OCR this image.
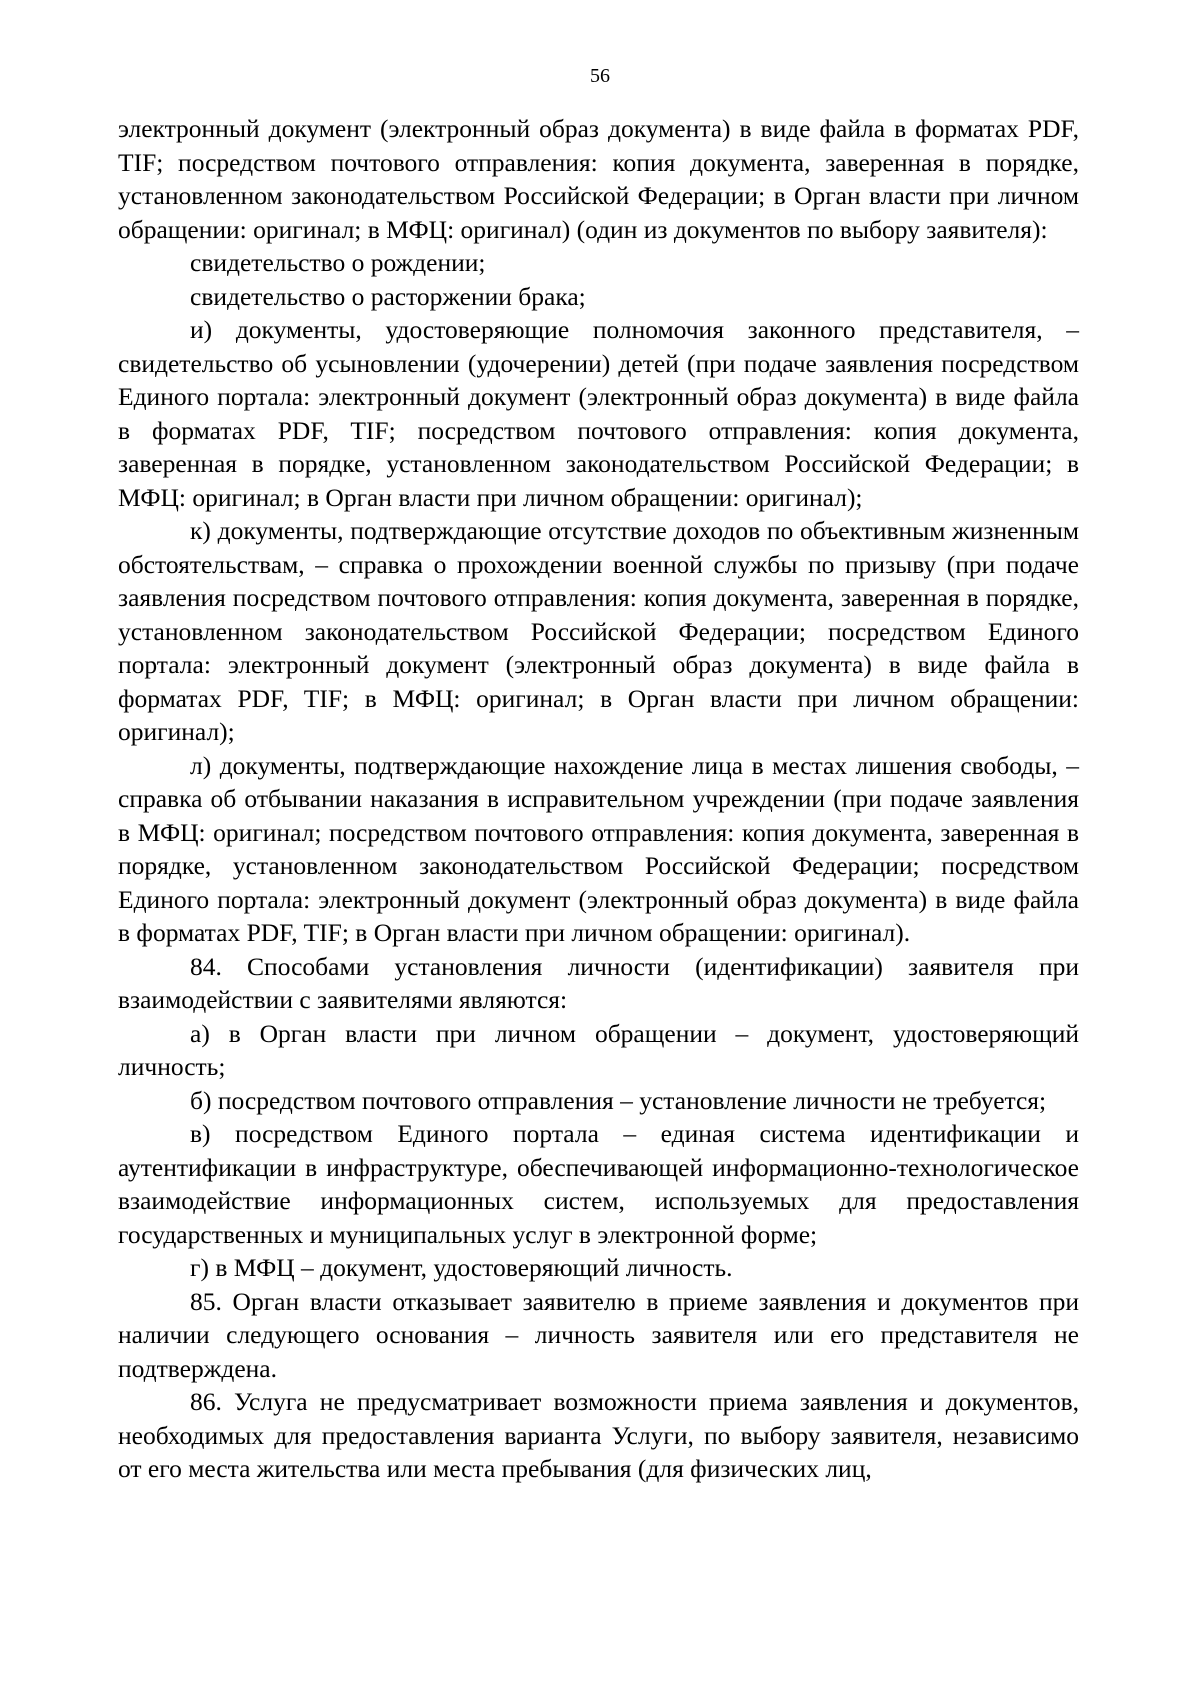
56

электронный документ (электронный образ документа) в виде файла в форматах PDF, TIF; посредством почтового отправления: копия документа, заверенная в порядке, установленном законодательством Российской Федерации; в Орган власти при личном обращении: оригинал; в МФЦ: оригинал) (один из документов по выбору заявителя):

свидетельство о рождении;

свидетельство о расторжении брака;

и) документы, удостоверяющие полномочия законного представителя, – свидетельство об усыновлении (удочерении) детей (при подаче заявления посредством Единого портала: электронный документ (электронный образ документа) в виде файла в форматах PDF, TIF; посредством почтового отправления: копия документа, заверенная в порядке, установленном законодательством Российской Федерации; в МФЦ: оригинал; в Орган власти при личном обращении: оригинал);

к) документы, подтверждающие отсутствие доходов по объективным жизненным обстоятельствам, – справка о прохождении военной службы по призыву (при подаче заявления посредством почтового отправления: копия документа, заверенная в порядке, установленном законодательством Российской Федерации; посредством Единого портала: электронный документ (электронный образ документа) в виде файла в форматах PDF, TIF; в МФЦ: оригинал; в Орган власти при личном обращении: оригинал);

л) документы, подтверждающие нахождение лица в местах лишения свободы, – справка об отбывании наказания в исправительном учреждении (при подаче заявления в МФЦ: оригинал; посредством почтового отправления: копия документа, заверенная в порядке, установленном законодательством Российской Федерации; посредством Единого портала: электронный документ (электронный образ документа) в виде файла в форматах PDF, TIF; в Орган власти при личном обращении: оригинал).

84. Способами установления личности (идентификации) заявителя при взаимодействии с заявителями являются:

а) в Орган власти при личном обращении – документ, удостоверяющий личность;

б) посредством почтового отправления – установление личности не требуется;

в) посредством Единого портала – единая система идентификации и аутентификации в инфраструктуре, обеспечивающей информационно-технологическое взаимодействие информационных систем, используемых для предоставления государственных и муниципальных услуг в электронной форме;

г) в МФЦ – документ, удостоверяющий личность.

85. Орган власти отказывает заявителю в приеме заявления и документов при наличии следующего основания – личность заявителя или его представителя не подтверждена.

86. Услуга не предусматривает возможности приема заявления и документов, необходимых для предоставления варианта Услуги, по выбору заявителя, независимо от его места жительства или места пребывания (для физических лиц,
